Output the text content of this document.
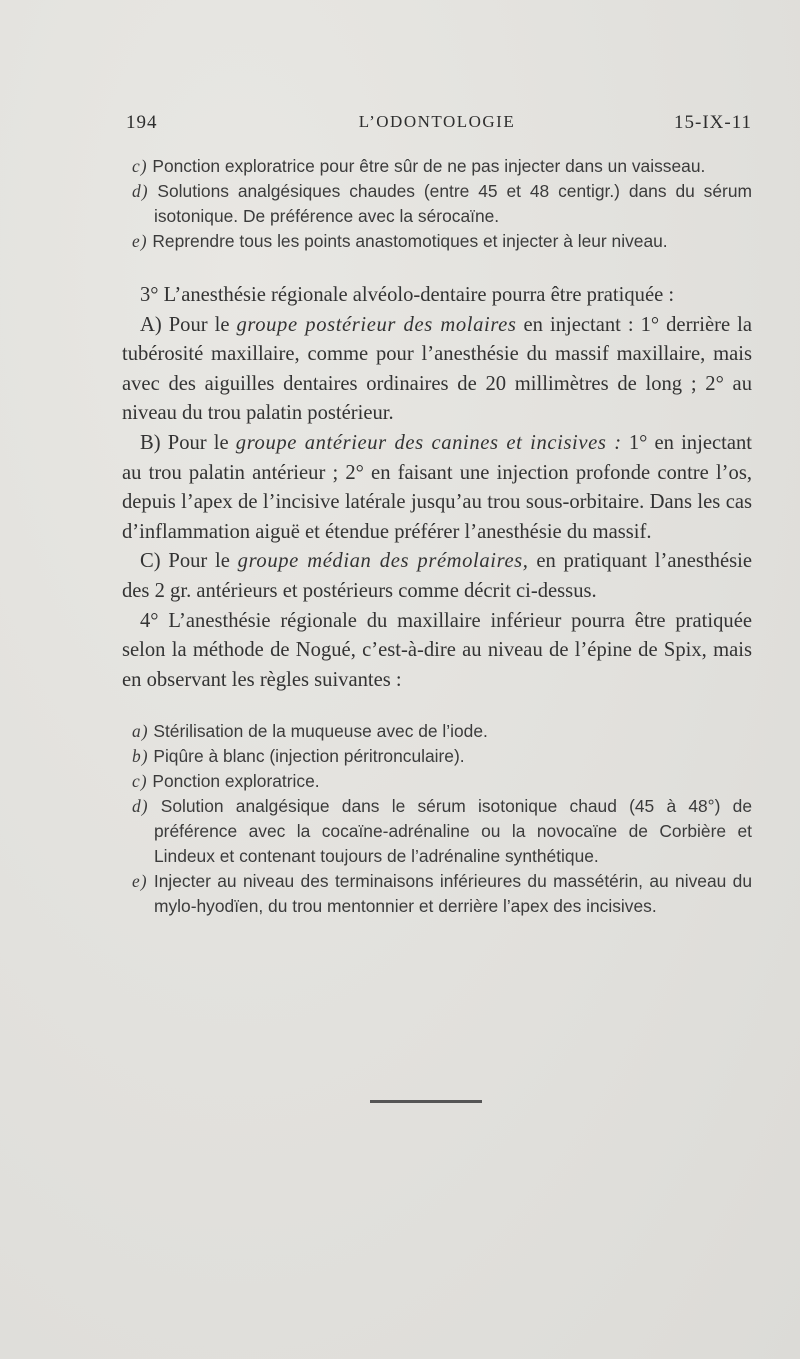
194	L’ODONTOLOGIE	15-IX-11
c) Ponction exploratrice pour être sûr de ne pas injecter dans un vaisseau.
d) Solutions analgésiques chaudes (entre 45 et 48 centigr.) dans du sérum isotonique. De préférence avec la sérocaïne.
e) Reprendre tous les points anastomotiques et injecter à leur niveau.

3° L’anesthésie régionale alvéolo-dentaire pourra être pratiquée :

A) Pour le groupe postérieur des molaires en injectant : 1° derrière la tubérosité maxillaire, comme pour l’anesthésie du massif maxillaire, mais avec des aiguilles dentaires ordinaires de 20 millimètres de long ; 2° au niveau du trou palatin postérieur.

B) Pour le groupe antérieur des canines et incisives : 1° en injectant au trou palatin antérieur ; 2° en faisant une injection profonde contre l’os, depuis l’apex de l’incisive latérale jusqu’au trou sous-orbitaire. Dans les cas d’inflammation aiguë et étendue préférer l’anesthésie du massif.

C) Pour le groupe médian des prémolaires, en pratiquant l’anesthésie des 2 gr. antérieurs et postérieurs comme décrit ci-dessus.

4° L’anesthésie régionale du maxillaire inférieur pourra être pratiquée selon la méthode de Nogué, c’est-à-dire au niveau de l’épine de Spix, mais en observant les règles suivantes :

a) Stérilisation de la muqueuse avec de l’iode.
b) Piqûre à blanc (injection péritronculaire).
c) Ponction exploratrice.
d) Solution analgésique dans le sérum isotonique chaud (45 à 48°) de préférence avec la cocaïne-adrénaline ou la novocaïne de Corbière et Lindeux et contenant toujours de l’adrénaline synthétique.
e) Injecter au niveau des terminaisons inférieures du massétérin, au niveau du mylo-hyodïen, du trou mentonnier et derrière l’apex des incisives.
